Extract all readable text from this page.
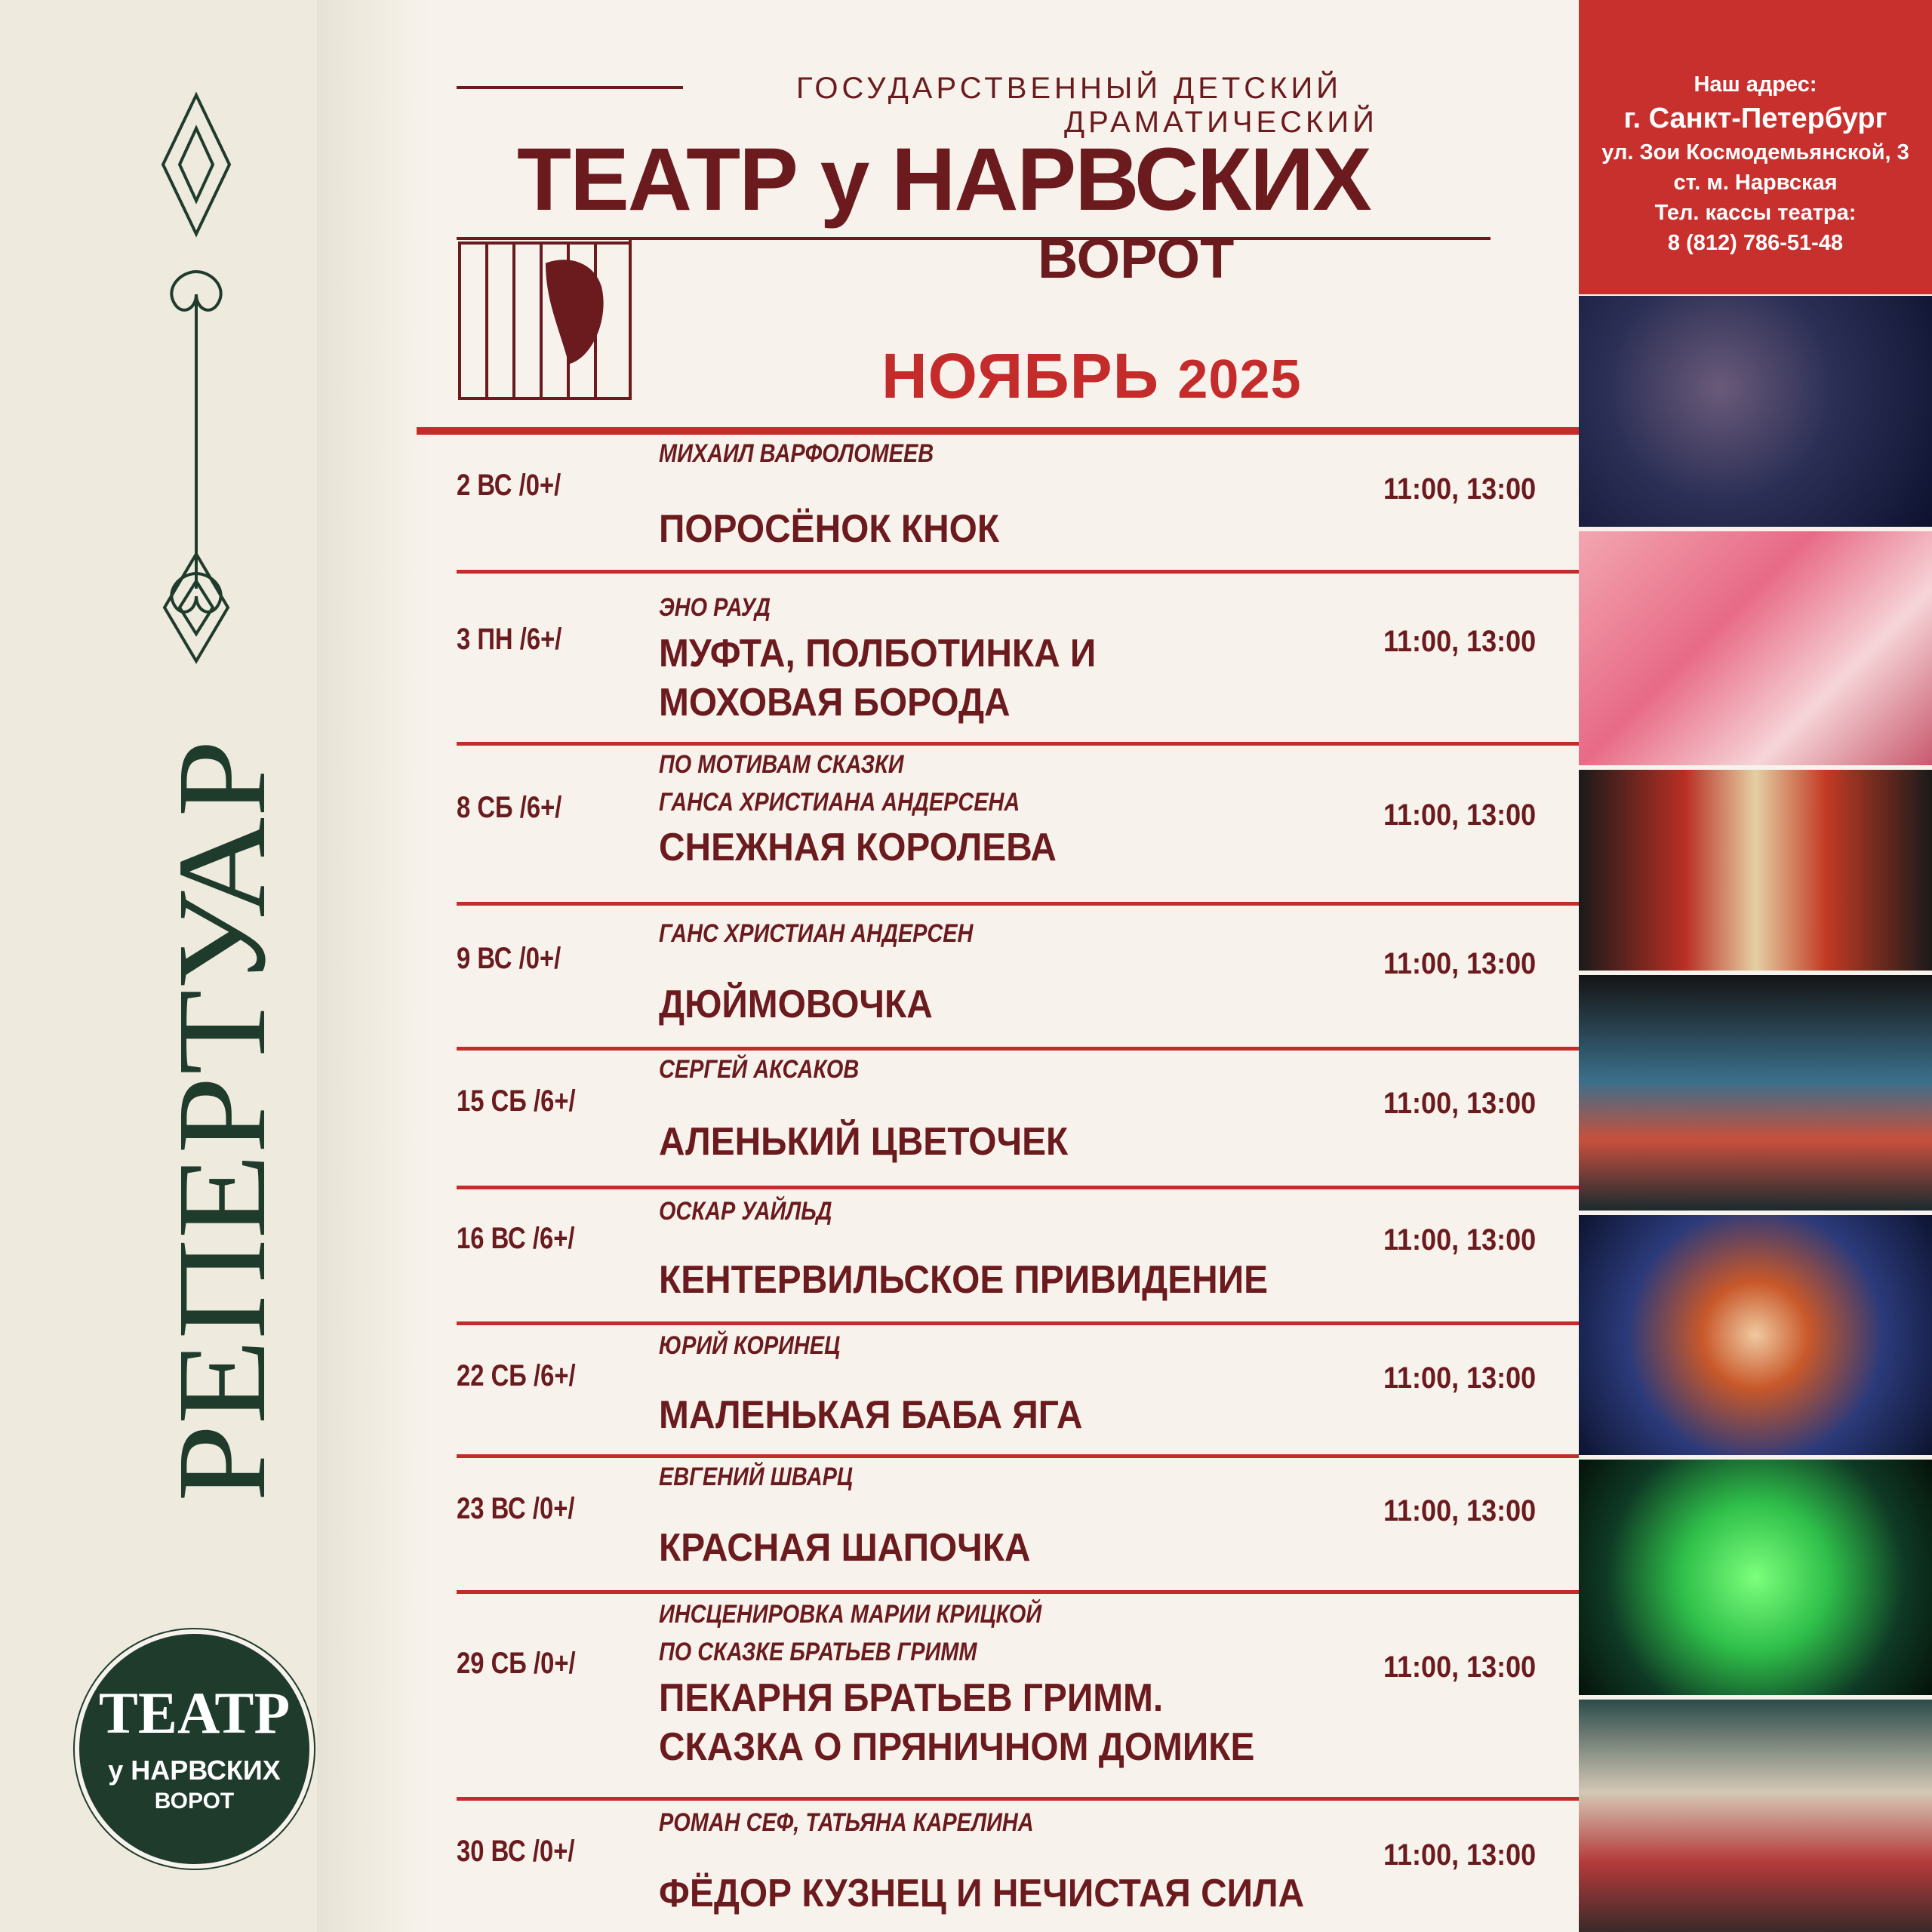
РЕПЕРТУАР
ТЕАТР
у НАРВСКИХ
ВОРОТ
ГОСУДАРСТВЕННЫЙ ДЕТСКИЙ
ДРАМАТИЧЕСКИЙ
ТЕАТР у НАРВСКИХ
ВОРОТ
НОЯБРЬ 2025
Наш адрес:
г. Санкт-Петербург
ул. Зои Космодемьянской, 3
ст. м. Нарвская
Тел. кассы театра:
8 (812) 786-51-48
2 ВС /0+/
МИХАИЛ ВАРФОЛОМЕЕВ
ПОРОСЁНОК КНОК
11:00, 13:00
3 ПН /6+/
ЭНО РАУД
МУФТА, ПОЛБОТИНКА И
МОХОВАЯ БОРОДА
11:00, 13:00
8 СБ /6+/
ПО МОТИВАМ СКАЗКИ
ГАНСА ХРИСТИАНА АНДЕРСЕНА
СНЕЖНАЯ КОРОЛЕВА
11:00, 13:00
9 ВС /0+/
ГАНС ХРИСТИАН АНДЕРСЕН
ДЮЙМОВОЧКА
11:00, 13:00
15 СБ /6+/
СЕРГЕЙ АКСАКОВ
АЛЕНЬКИЙ ЦВЕТОЧЕК
11:00, 13:00
16 ВС /6+/
ОСКАР УАЙЛЬД
КЕНТЕРВИЛЬСКОЕ ПРИВИДЕНИЕ
11:00, 13:00
22 СБ /6+/
ЮРИЙ КОРИНЕЦ
МАЛЕНЬКАЯ БАБА ЯГА
11:00, 13:00
23 ВС /0+/
ЕВГЕНИЙ ШВАРЦ
КРАСНАЯ ШАПОЧКА
11:00, 13:00
29 СБ /0+/
ИНСЦЕНИРОВКА МАРИИ КРИЦКОЙ
ПО СКАЗКЕ БРАТЬЕВ ГРИММ
ПЕКАРНЯ БРАТЬЕВ ГРИММ.
СКАЗКА О ПРЯНИЧНОМ ДОМИКЕ
11:00, 13:00
30 ВС /0+/
РОМАН СЕФ, ТАТЬЯНА КАРЕЛИНА
ФЁДОР КУЗНЕЦ И НЕЧИСТАЯ СИЛА
11:00, 13:00
